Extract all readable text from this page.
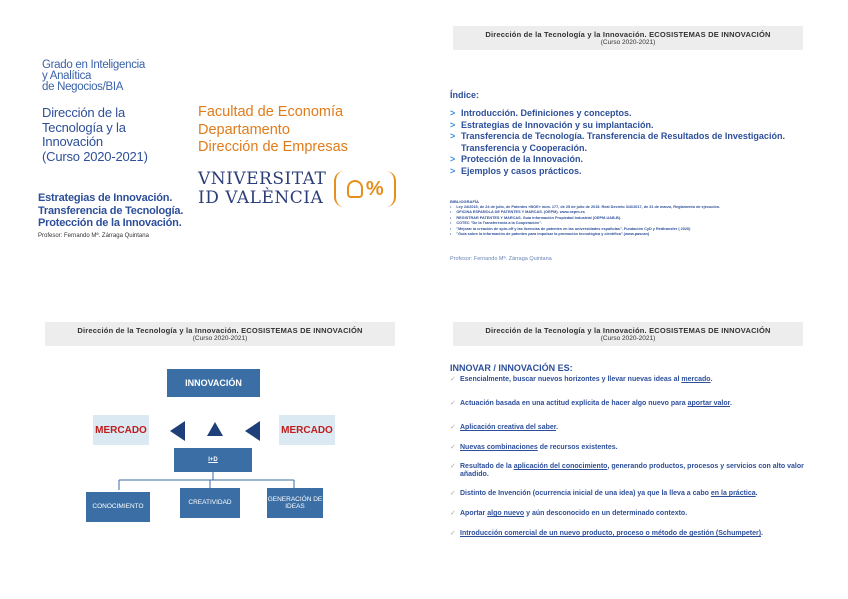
Grado en Inteligencia
y Analítica
de Negocios/BIA
Dirección de la
Tecnología y la
Innovación
(Curso 2020-2021)
Facultad de Economía
Departamento
Dirección de Empresas
VNIVERSITAT
ID VALÈNCIA %
Estrategias de Innovación.
Transferencia de Tecnología.
Protección de la Innovación.
Profesor: Fernando Mª. Zárraga Quintana
Dirección de la Tecnología y la Innovación. ECOSISTEMAS DE INNOVACIÓN
(Curso 2020-2021)
Índice:
> Introducción. Definiciones y conceptos.
> Estrategias de Innovación y su implantación.
> Transferencia de Tecnología. Transferencia de Resultados de Investigación. Transferencia y Cooperación.
> Protección de la Innovación.
> Ejemplos y casos prácticos.
BIBLIOGRAFÍA
• Ley 24/2015, de 24 de julio, de Patentes «BOE» núm. 177, de 25 de julio de 2015. Real Decreto 316/2017, de 31 de marzo, Reglamento de ejecución.
• OFICINA ESPAÑOLA DE PATENTES Y MARCAS. (OEPM). www.oepm.es
• REGISTRAR PATENTES Y MARCAS. Guía Información Propiedad Industrial (OEPM-UAB-B).
• COTEC "De la Transferencia a la Cooperación".
• "Mejorar la creación de spin-off y las licencias de patentes en las universidades españolas". Fundación CyD y Redtransfer ( 2020)
• "Guía sobre la información de patentes para impulsar la promoción tecnológica y científica" (www.pascan)
Profesor: Fernando Mª. Zárraga Quintana
Dirección de la Tecnología y la Innovación. ECOSISTEMAS DE INNOVACIÓN
(Curso 2020-2021)
INNOVACIÓN
MERCADO	MERCADO
I+D
CONOCIMIENTO
CREATIVIDAD
GENERACIÓN DE IDEAS
Dirección de la Tecnología y la Innovación. ECOSISTEMAS DE INNOVACIÓN
(Curso 2020-2021)
INNOVAR / INNOVACIÓN ES:
✓ Esencialmente, buscar nuevos horizontes y llevar nuevas ideas al mercado.
✓ Actuación basada en una actitud explícita de hacer algo nuevo para aportar valor.
✓ Aplicación creativa del saber.
✓ Nuevas combinaciones de recursos existentes.
✓ Resultado de la aplicación del conocimiento, generando productos, procesos y servicios con alto valor añadido.
✓ Distinto de Invención (ocurrencia inicial de una idea) ya que la lleva a cabo en la práctica.
✓ Aportar algo nuevo y aún desconocido en un determinado contexto.
✓ Introducción comercial de un nuevo producto, proceso o método de gestión (Schumpeter).
